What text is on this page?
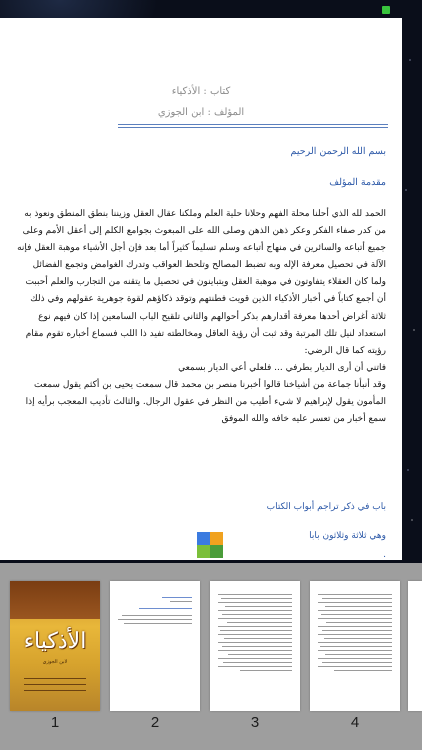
كتاب : الأذكياء
المؤلف : ابن الجوزي
بسم الله الرحمن الرحيم
مقدمة المؤلف

الحمد لله الذي أحلنا محلة الفهم وحلانا حلية العلم وملكنا عقال العقل وزيننا بنطق المنطق ونعوذ به من كدر صفاء الفكر وعكر ذهن الذهن وصلى الله على المبعوث بجوامع الكلم إلى أعقل الأمم وعلى جميع أتباعه والسائرين في منهاج أتباعه وسلم تسليماً كثيراً أما بعد فإن أجل الأشياء موهبة العقل فإنه الآلة في تحصيل معرفة الإله وبه تضبط المصالح وتلحظ العواقب وتدرك الغوامض وتجمع الفضائل ولما كان العقلاء يتفاوتون في موهبة العقل ويتباينون في تحصيل ما يتقنه من التجارب والعلم أحببت أن أجمع كتاباً في أخبار الأذكياء الذين قويت فطنتهم وتوقد ذكاؤهم لقوة جوهرية عقولهم وفي ذلك ثلاثة أغراض أحدها معرفة أقدارهم بذكر أحوالهم والثاني تلقيح الباب السامعين إذا كان فيهم نوع استعداد لنيل تلك المرتبة وقد ثبت أن رؤية العاقل ومخالطته تفيد ذا اللب فسماع أخباره تقوم مقام رؤيته كما قال الرضي:

فاتني أن أرى الديار بطرفي ... فلعلي أعي الديار بسمعي

وقد أنبأنا جماعة من أشياخنا قالوا أخبرنا منصر بن محمد قال سمعت يحيى بن أكثم يقول سمعت المأمون يقول لإبراهيم لا شيء أطيب من النظر في عقول الرجال. والثالث تأديب المعجب برأيه إذا سمع أخبار من تعسر عليه خافه والله الموفق

باب في ذكر تراجم أبواب الكتاب
وهي ثلاثة وثلاثون بابا
.
الأذكياء
لابن الجوزي
1	2	3	4
